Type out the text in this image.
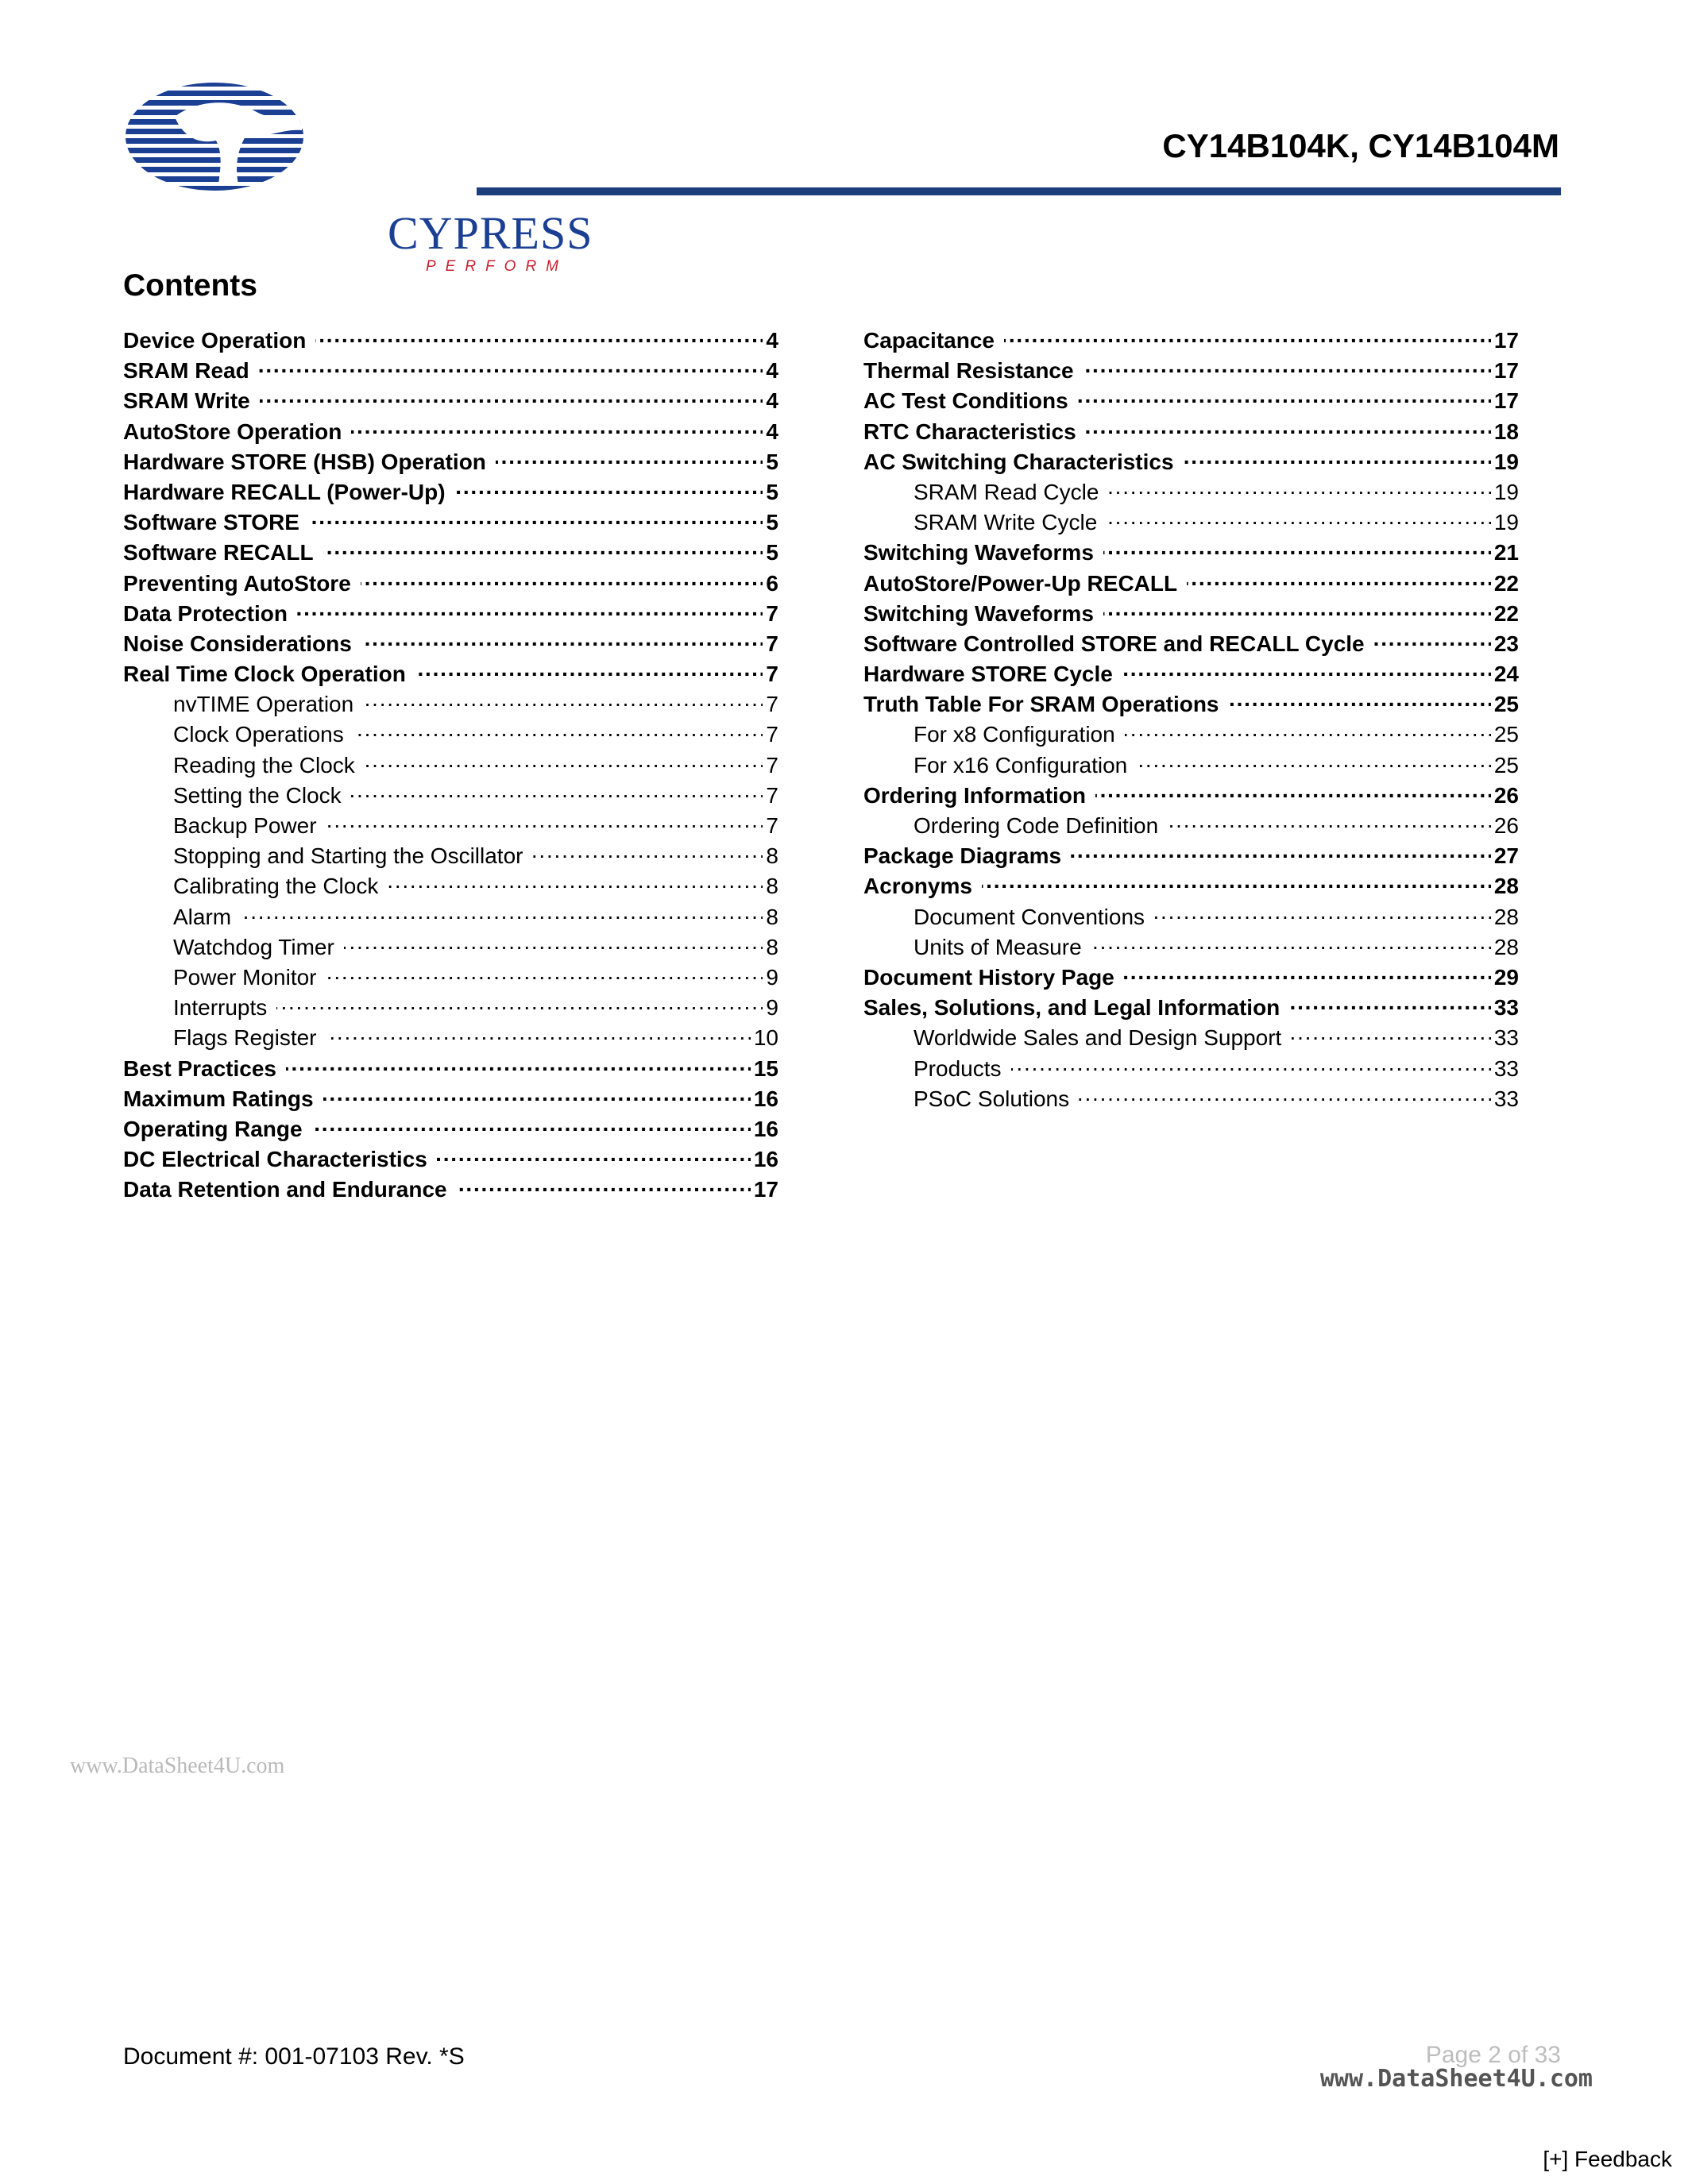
CYPRESS
PERFORM
CY14B104K, CY14B104M
Contents
Device Operation . . .	4
SRAM Read . . .	4
SRAM Write . . .	4
AutoStore Operation . . .	4
Hardware STORE (HSB) Operation . . .	5
Hardware RECALL (Power-Up) . . .	5
Software STORE . . .	5
Software RECALL . . .	5
Preventing AutoStore . . .	6
Data Protection . . .	7
Noise Considerations . . .	7
Real Time Clock Operation . . .	7
nvTIME Operation . . .	7
Clock Operations . . .	7
Reading the Clock . . .	7
Setting the Clock . . .	7
Backup Power . . .	7
Stopping and Starting the Oscillator . . .	8
Calibrating the Clock . . .	8
Alarm . . .	8
Watchdog Timer . . .	8
Power Monitor . . .	9
Interrupts . . .	9
Flags Register . . .	10
Best Practices . . .	15
Maximum Ratings . . .	16
Operating Range . . .	16
DC Electrical Characteristics . . .	16
Data Retention and Endurance . . .	17
Capacitance . . .	17
Thermal Resistance . . .	17
AC Test Conditions . . .	17
RTC Characteristics . . .	18
AC Switching Characteristics . . .	19
SRAM Read Cycle . . .	19
SRAM Write Cycle . . .	19
Switching Waveforms . . .	21
AutoStore/Power-Up RECALL . . .	22
Switching Waveforms . . .	22
Software Controlled STORE and RECALL Cycle . . .	23
Hardware STORE Cycle . . .	24
Truth Table For SRAM Operations . . .	25
For x8 Configuration . . .	25
For x16 Configuration . . .	25
Ordering Information . . .	26
Ordering Code Definition . . .	26
Package Diagrams . . .	27
Acronyms . . .	28
Document Conventions . . .	28
Units of Measure . . .	28
Document History Page . . .	29
Sales, Solutions, and Legal Information . . .	33
Worldwide Sales and Design Support . . .	33
Products . . .	33
PSoC Solutions . . .	33
www.DataSheet4U.com
Document #: 001-07103 Rev. *S	Page 2 of 33
www.DataSheet4U.com
[+] Feedback
